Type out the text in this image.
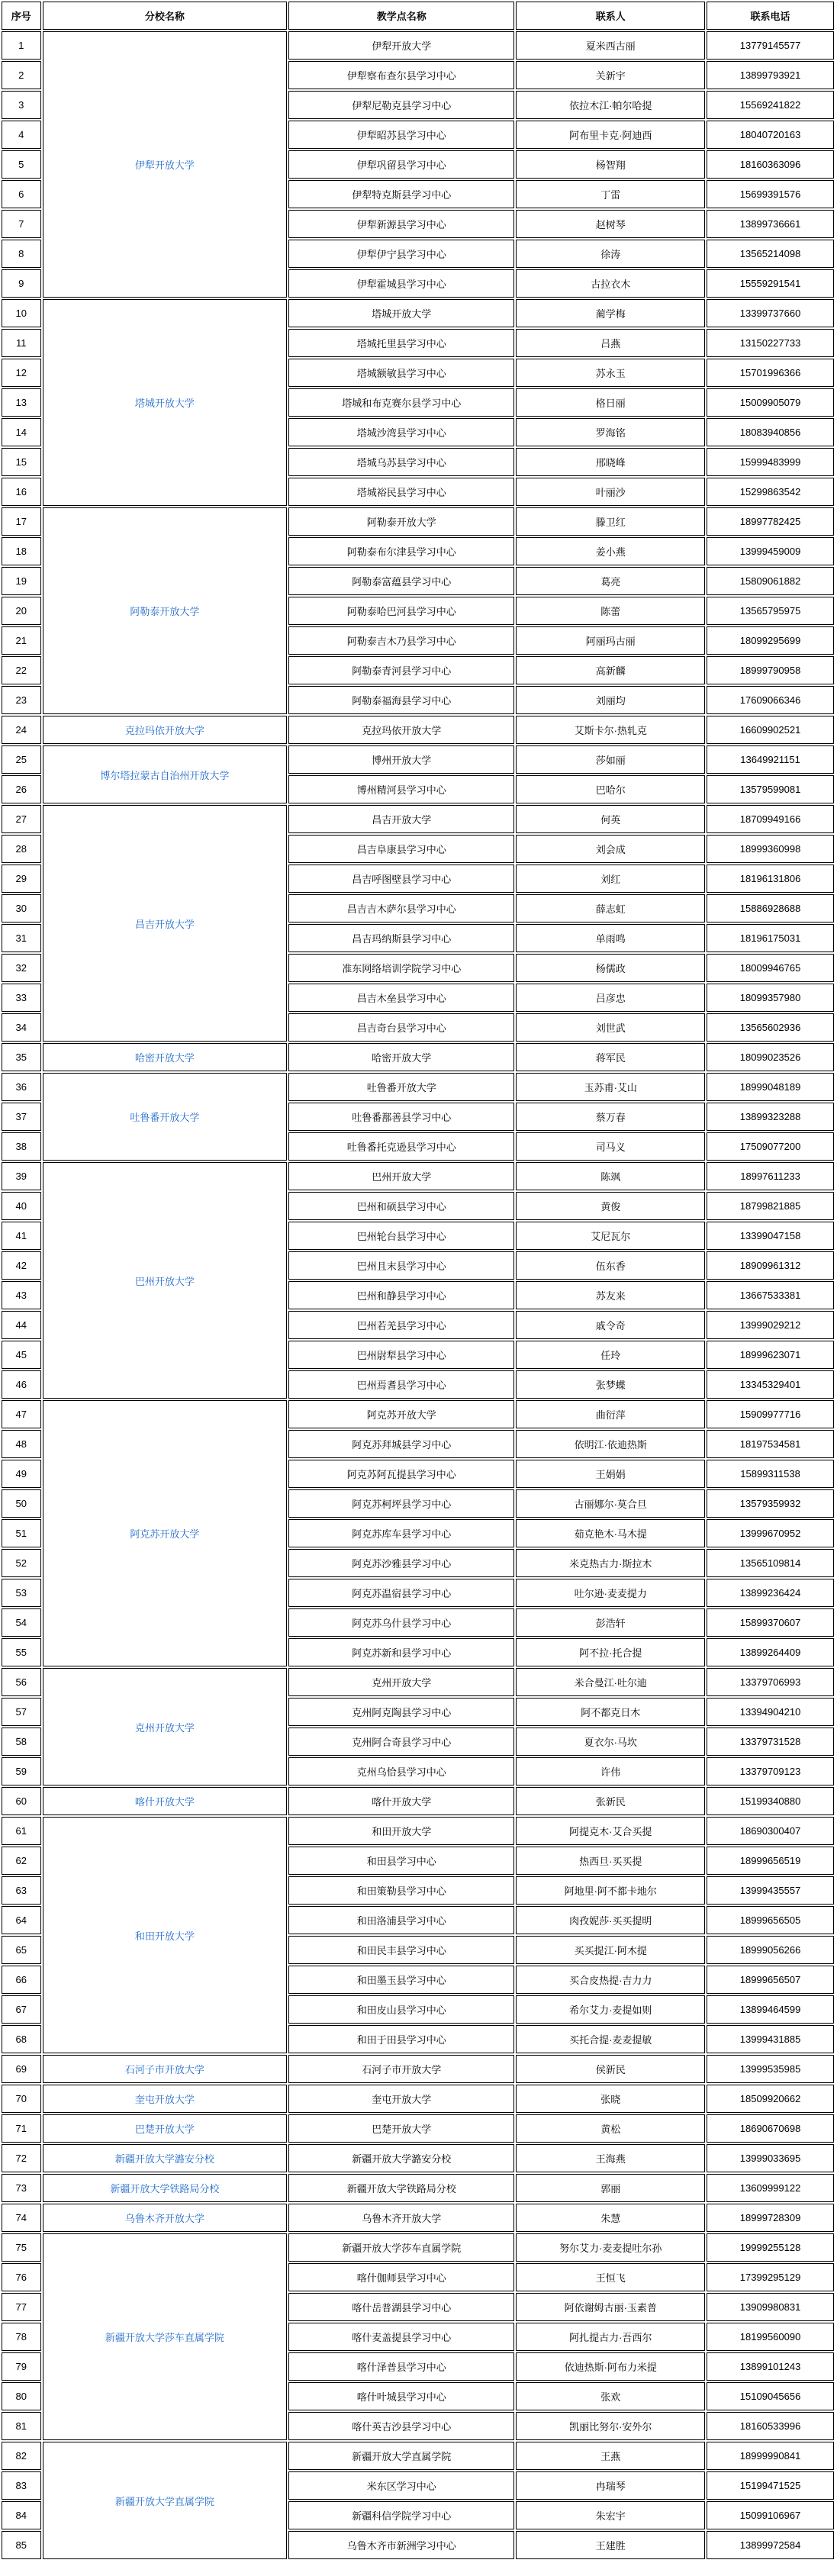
序号	分校名称	教学点名称	联系人	联系电话
1	伊犁开放大学	伊犁开放大学	夏米西古丽	13779145577
2		伊犁察布查尔县学习中心	关新宇	13899793921
3		伊犁尼勒克县学习中心	依拉木江·帕尔哈提	15569241822
4		伊犁昭苏县学习中心	阿布里卡克·阿迪西	18040720163
5		伊犁巩留县学习中心	杨智翔	18160363096
6		伊犁特克斯县学习中心	丁雷	15699391576
7		伊犁新源县学习中心	赵树琴	13899736661
8		伊犁伊宁县学习中心	徐涛	13565214098
9		伊犁霍城县学习中心	古拉衣木	15559291541
10	塔城开放大学	塔城开放大学	蔺学梅	13399737660
11		塔城托里县学习中心	吕燕	13150227733
12		塔城额敏县学习中心	苏永玉	15701996366
13		塔城和布克赛尔县学习中心	格日丽	15009905079
14		塔城沙湾县学习中心	罗海铭	18083940856
15		塔城乌苏县学习中心	邢晓峰	15999483999
16		塔城裕民县学习中心	叶丽沙	15299863542
17	阿勒泰开放大学	阿勒泰开放大学	滕卫红	18997782425
18		阿勒泰布尔津县学习中心	姜小燕	13999459009
19		阿勒泰富蕴县学习中心	葛亮	15809061882
20		阿勒泰哈巴河县学习中心	陈蕾	13565795975
21		阿勒泰吉木乃县学习中心	阿丽玛古丽	18099295699
22		阿勒泰青河县学习中心	高新麟	18999790958
23		阿勒泰福海县学习中心	刘丽均	17609066346
24	克拉玛依开放大学	克拉玛依开放大学	艾斯卡尔·热轧克	16609902521
25	博尔塔拉蒙古自治州开放大学	博州开放大学	莎如丽	13649921151
26		博州精河县学习中心	巴哈尔	13579599081
27	昌吉开放大学	昌吉开放大学	何英	18709949166
28		昌吉阜康县学习中心	刘会成	18999360998
29		昌吉呼图壁县学习中心	刘红	18196131806
30		昌吉吉木萨尔县学习中心	薛志虹	15886928688
31		昌吉玛纳斯县学习中心	单雨鸣	18196175031
32		准东网络培训学院学习中心	杨儒政	18009946765
33		昌吉木垒县学习中心	吕彦忠	18099357980
34		昌吉奇台县学习中心	刘世武	13565602936
35	哈密开放大学	哈密开放大学	蒋军民	18099023526
36	吐鲁番开放大学	吐鲁番开放大学	玉苏甫·艾山	18999048189
37		吐鲁番鄯善县学习中心	蔡万春	13899323288
38		吐鲁番托克逊县学习中心	司马义	17509077200
39	巴州开放大学	巴州开放大学	陈飒	18997611233
40		巴州和硕县学习中心	黄俊	18799821885
41		巴州轮台县学习中心	艾尼瓦尔	13399047158
42		巴州且末县学习中心	伍东香	18909961312
43		巴州和静县学习中心	苏友来	13667533381
44		巴州若羌县学习中心	戚令奇	13999029212
45		巴州尉犁县学习中心	任玲	18999623071
46		巴州焉耆县学习中心	张梦蝶	13345329401
47	阿克苏开放大学	阿克苏开放大学	曲衍萍	15909977716
48		阿克苏拜城县学习中心	依明江·依迪热斯	18197534581
49		阿克苏阿瓦提县学习中心	王娟娟	15899311538
50		阿克苏柯坪县学习中心	古丽娜尔·莫合旦	13579359932
51		阿克苏库车县学习中心	茹克艳木·马木提	13999670952
52		阿克苏沙雅县学习中心	米克热古力·斯拉木	13565109814
53		阿克苏温宿县学习中心	吐尔逊·麦麦提力	13899236424
54		阿克苏乌什县学习中心	彭浩轩	15899370607
55		阿克苏新和县学习中心	阿不拉·托合提	13899264409
56	克州开放大学	克州开放大学	米合曼江·吐尔迪	13379706993
57		克州阿克陶县学习中心	阿不都克日木	13394904210
58		克州阿合奇县学习中心	夏衣尔·马坎	13379731528
59		克州乌恰县学习中心	许伟	13379709123
60	喀什开放大学	喀什开放大学	张新民	15199340880
61	和田开放大学	和田开放大学	阿提克木·艾合买提	18690300407
62		和田县学习中心	热西旦·买买提	18999656519
63		和田策勒县学习中心	阿地里·阿不都卡地尔	13999435557
64		和田洛浦县学习中心	肉孜妮莎·买买提明	18999656505
65		和田民丰县学习中心	买买提江·阿木提	18999056266
66		和田墨玉县学习中心	买合皮热提·吉力力	18999656507
67		和田皮山县学习中心	希尔艾力·麦提如则	13899464599
68		和田于田县学习中心	买托合提·麦麦提敏	13999431885
69	石河子市开放大学	石河子市开放大学	侯新民	13999535985
70	奎屯开放大学	奎屯开放大学	张晓	18509920662
71	巴楚开放大学	巴楚开放大学	黄松	18690670698
72	新疆开放大学潞安分校	新疆开放大学潞安分校	王海燕	13999033695
73	新疆开放大学铁路局分校	新疆开放大学铁路局分校	郭丽	13609999122
74	乌鲁木齐开放大学	乌鲁木齐开放大学	朱慧	18999728309
75	新疆开放大学莎车直属学院	新疆开放大学莎车直属学院	努尔艾力·麦麦提吐尔孙	19999255128
76		喀什伽师县学习中心	王恒飞	17399295129
77		喀什岳普湖县学习中心	阿依谢姆古丽·玉素普	13909980831
78		喀什麦盖提县学习中心	阿扎提古力·吾西尔	18199560090
79		喀什泽普县学习中心	依迪热斯·阿布力米提	13899101243
80		喀什叶城县学习中心	张欢	15109045656
81		喀什英吉沙县学习中心	凯丽比努尔·安外尔	18160533996
82	新疆开放大学直属学院	新疆开放大学直属学院	王燕	18999990841
83		米东区学习中心	冉瑞琴	15199471525
84		新疆科信学院学习中心	朱宏宇	15099106967
85		乌鲁木齐市新洲学习中心	王建胜	13899972584
